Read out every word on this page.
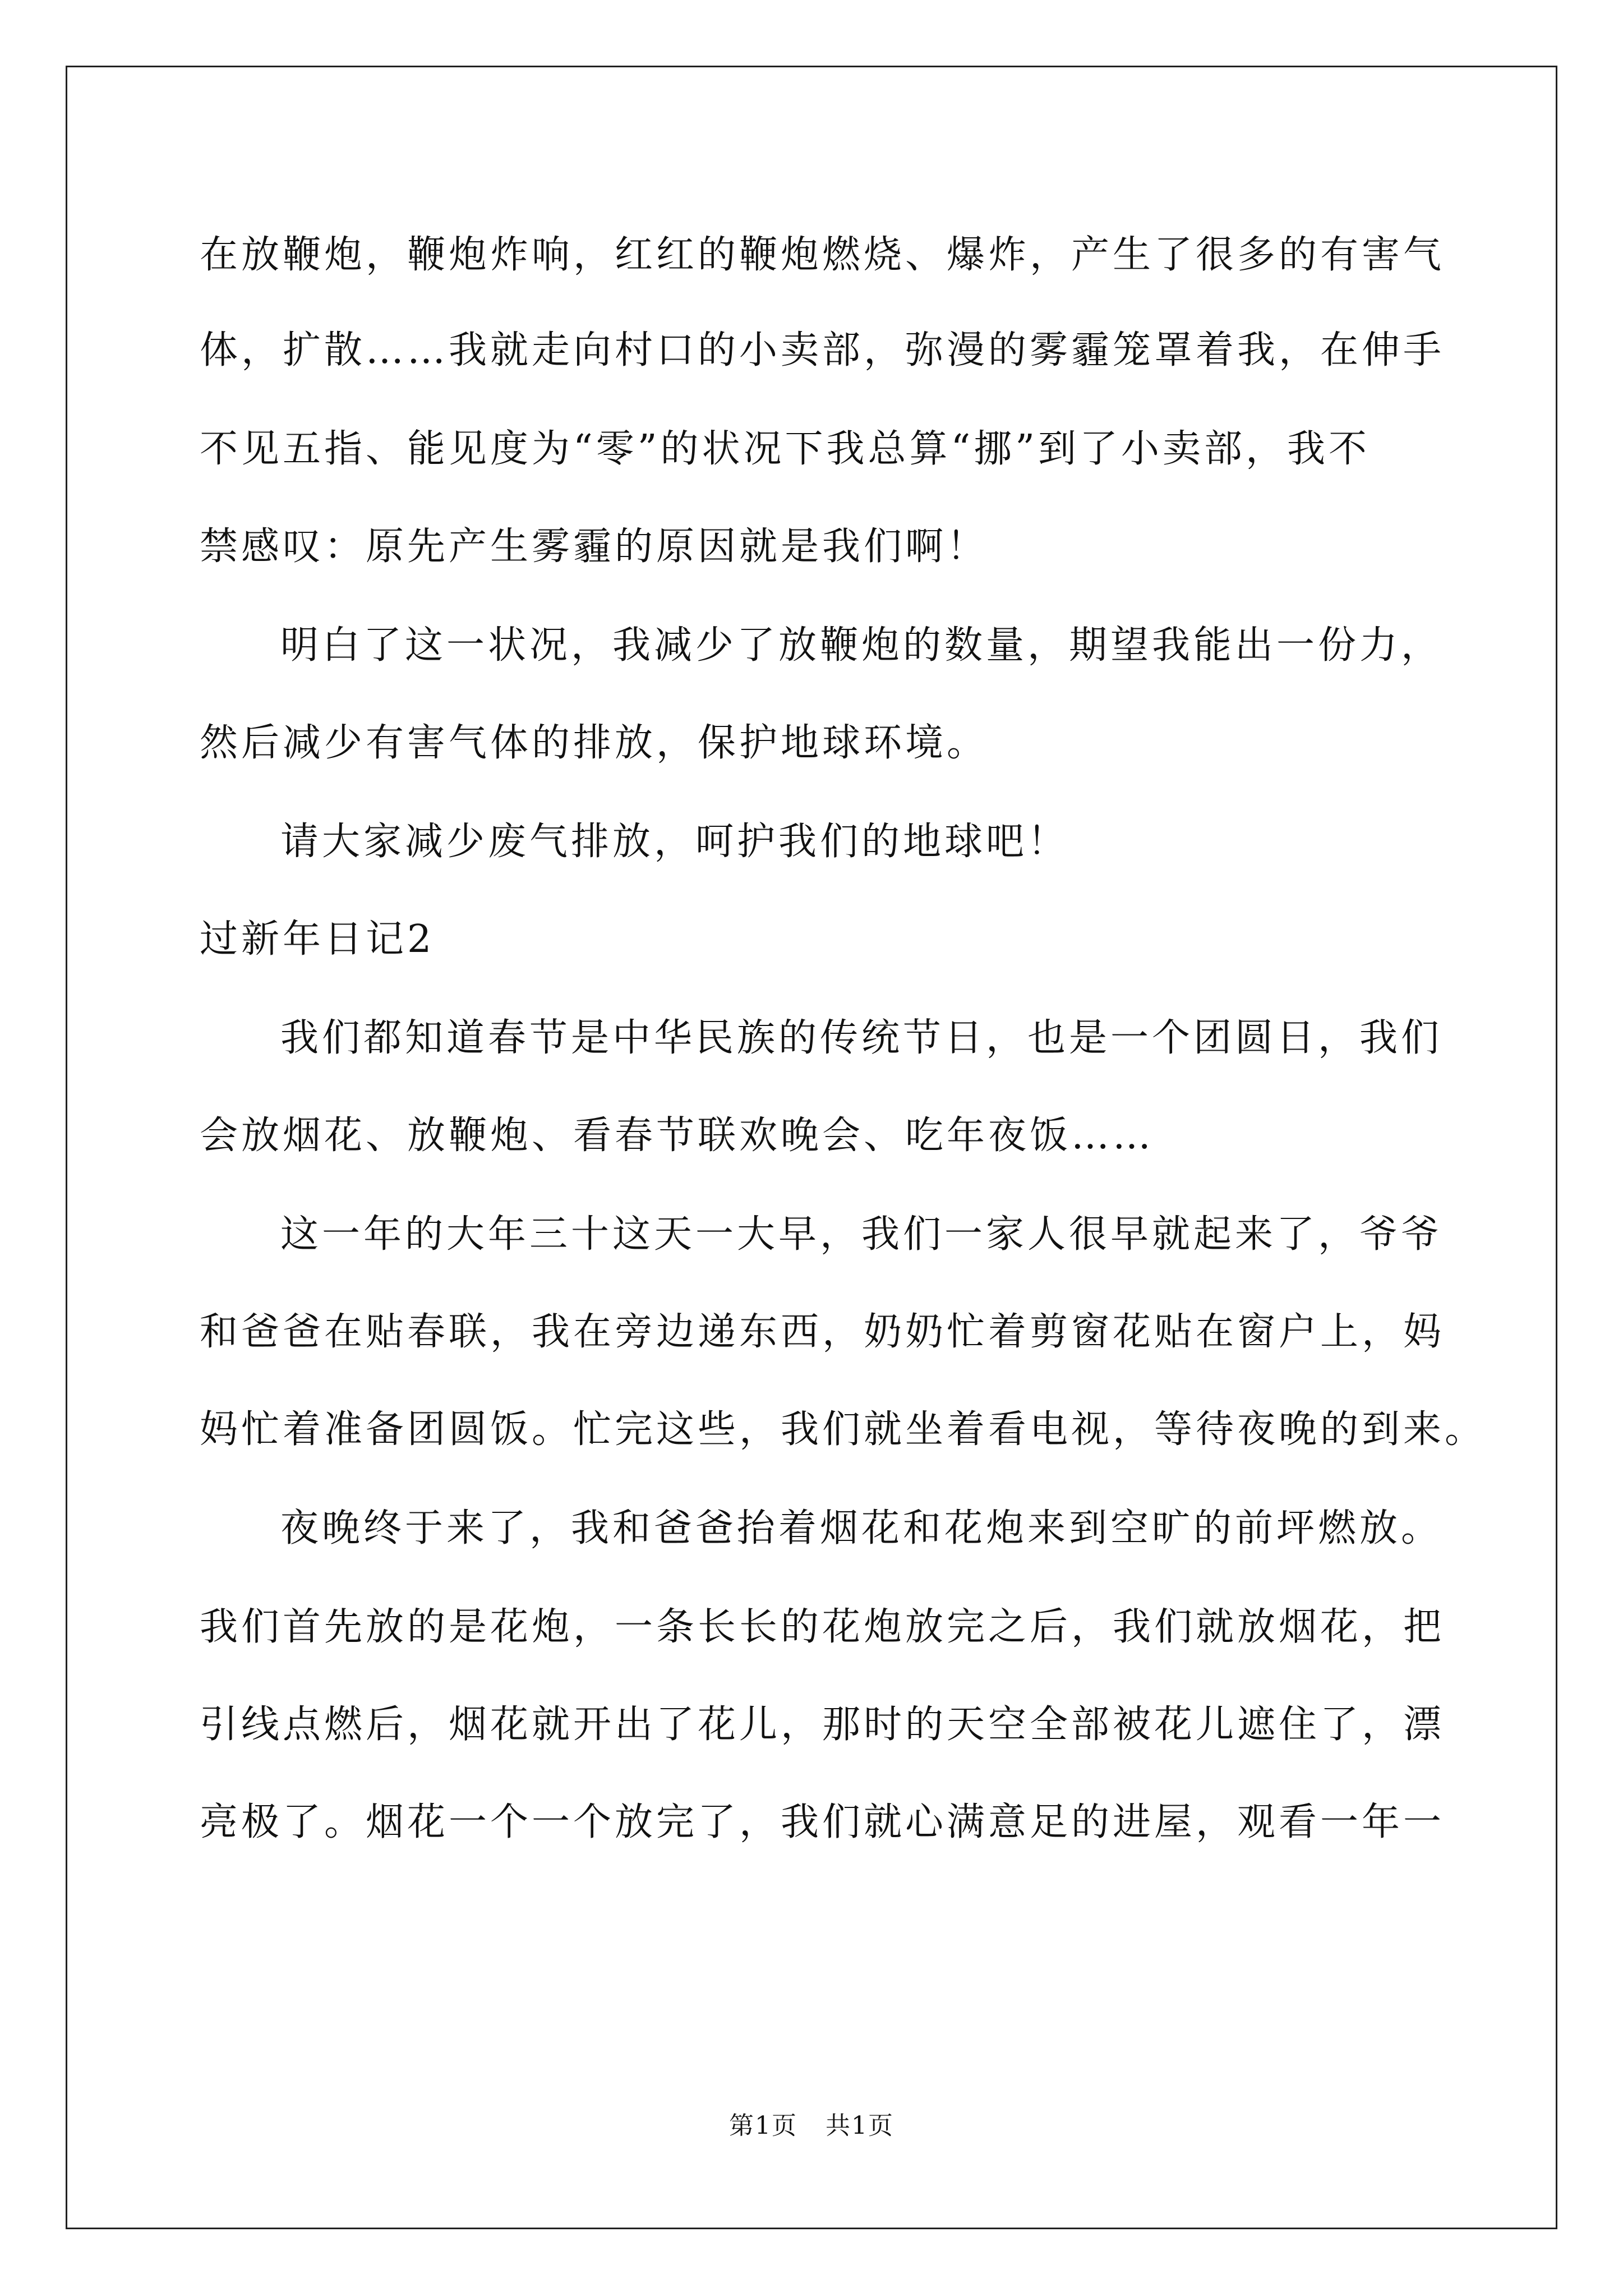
在放鞭炮，鞭炮炸响，红红的鞭炮燃烧、爆炸，产生了很多的有害气
体，扩散……我就走向村口的小卖部，弥漫的雾霾笼罩着我，在伸手
不见五指、能见度为“零”的状况下我总算“挪”到了小卖部，我不
禁感叹：原先产生雾霾的原因就是我们啊！
明白了这一状况，我减少了放鞭炮的数量，期望我能出一份力，
然后减少有害气体的排放，保护地球环境。
请大家减少废气排放，呵护我们的地球吧！
过新年日记2
我们都知道春节是中华民族的传统节日，也是一个团圆日，我们
会放烟花、放鞭炮、看春节联欢晚会、吃年夜饭……
这一年的大年三十这天一大早，我们一家人很早就起来了，爷爷
和爸爸在贴春联，我在旁边递东西，奶奶忙着剪窗花贴在窗户上，妈
妈忙着准备团圆饭。忙完这些，我们就坐着看电视，等待夜晚的到来。
夜晚终于来了，我和爸爸抬着烟花和花炮来到空旷的前坪燃放。
我们首先放的是花炮，一条长长的花炮放完之后，我们就放烟花，把
引线点燃后，烟花就开出了花儿，那时的天空全部被花儿遮住了，漂
亮极了。烟花一个一个放完了，我们就心满意足的进屋，观看一年一
第1页 共1页
